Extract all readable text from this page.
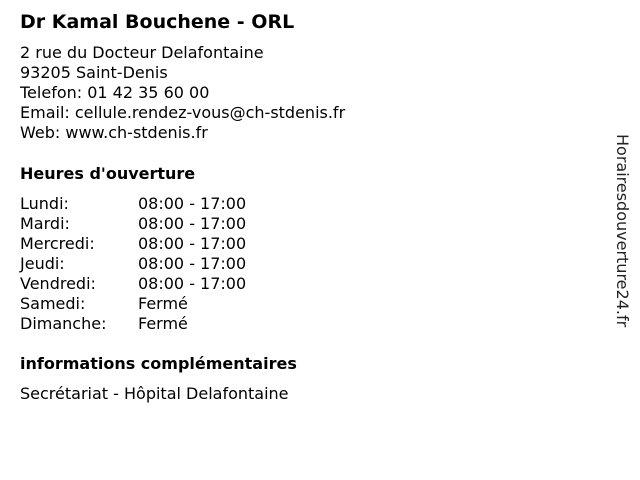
Dr Kamal Bouchene - ORL
2 rue du Docteur Delafontaine
93205 Saint-Denis
Telefon: 01 42 35 60 00
Email: cellule.rendez-vous@ch-stdenis.fr
Web: www.ch-stdenis.fr
Heures d'ouverture
Lundi:	08:00 - 17:00
Mardi:	08:00 - 17:00
Mercredi:	08:00 - 17:00
Jeudi:	08:00 - 17:00
Vendredi:	08:00 - 17:00
Samedi:	Fermé
Dimanche: Fermé
informations complémentaires
Secrétariat - Hôpital Delafontaine
Horairesdouverture24.fr
